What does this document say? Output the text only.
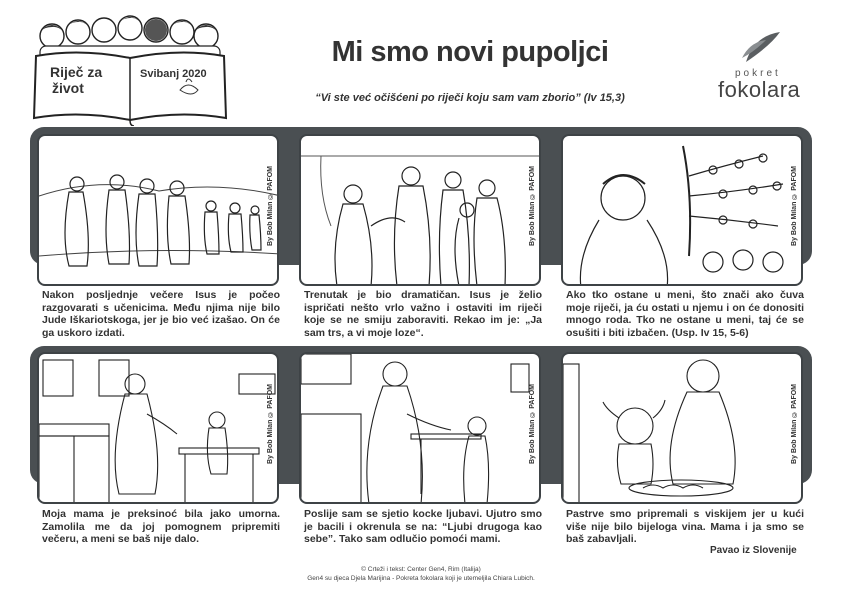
Riječ za
život
Svibanj 2020
Mi smo novi pupoljci
“Vi ste već očišćeni po riječi koju sam vam zborio” (Iv 15,3)
pokret
fokolara
By Bob Milan © PAFOM	By Bob Milan © PAFOM	By Bob Milan © PAFOM
By Bob Milan © PAFOM	By Bob Milan © PAFOM	By Bob Milan © PAFOM
Nakon posljednje večere Isus je počeo razgovarati s učenicima. Među njima nije bilo Jude Iškariotskoga, jer je bio već izašao. On će ga uskoro izdati.
Trenutak je bio dramatičan. Isus je želio ispričati nešto vrlo važno i ostaviti im riječi koje se ne smiju zaboraviti. Rekao im je: „Ja sam trs, a vi moje loze“.
Ako tko ostane u meni, što znači ako čuva moje riječi, ja ću ostati u njemu i on će donositi mnogo roda. Tko ne ostane u meni, taj će se osušiti i biti izbačen. (Usp. Iv 15, 5-6)
Moja mama je preksinoć bila jako umorna. Zamolila me da joj pomognem pripremiti večeru, a meni se baš nije dalo.
Poslije sam se sjetio kocke ljubavi. Ujutro smo je bacili i okrenula se na: “Ljubi drugoga kao sebe”. Tako sam odlučio pomoći mami.
Pastrve smo pripremali s viskijem jer u kući više nije bilo bijeloga vina. Mama i ja smo se baš zabavljali.
Pavao iz Slovenije
© Crteži i tekst: Center Gen4, Rim (Italija)
Gen4 su djeca Djela Marijina - Pokreta fokolara koji je utemeljila Chiara Lubich.
